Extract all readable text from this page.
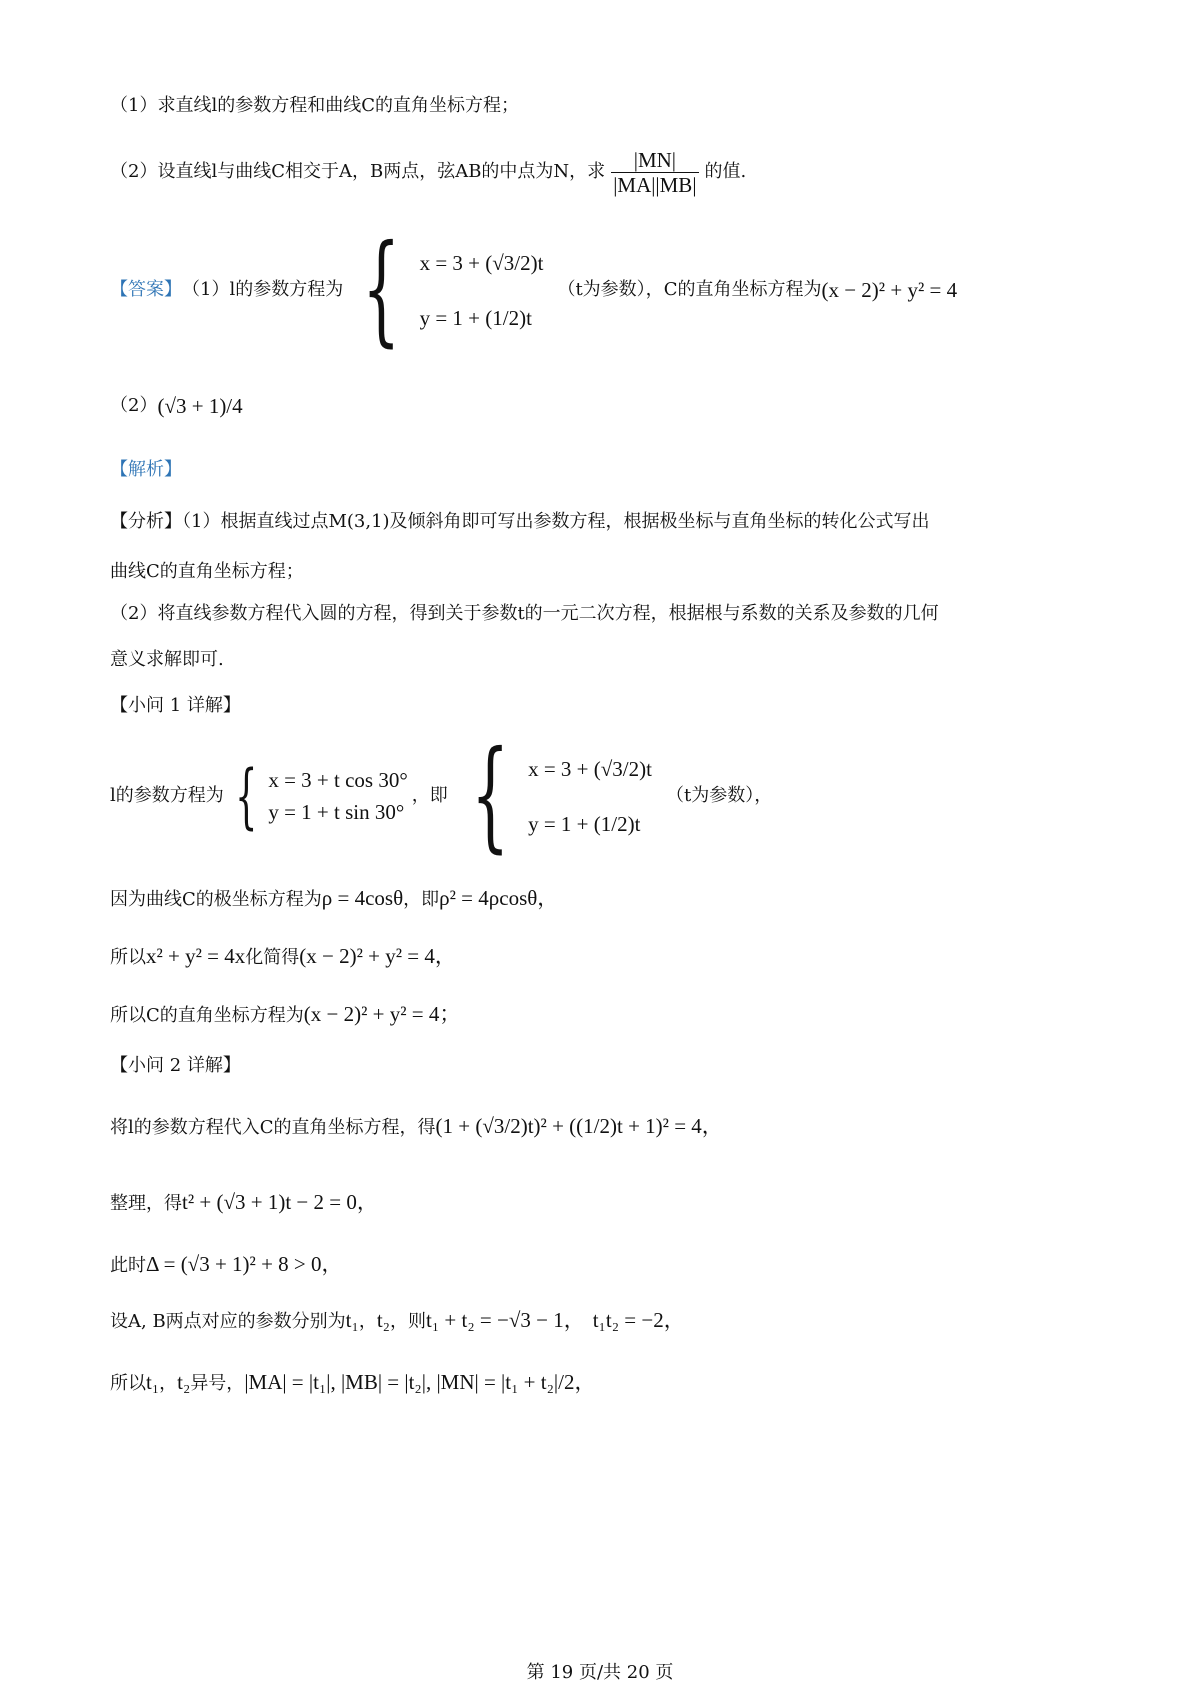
（1）求直线l的参数方程和曲线C的直角坐标方程；
（2）设直线l与曲线C相交于A，B两点，弦AB的中点为N，求 $\frac{|MN|}{|MA||MB|}$ 的值.
【答案】 （1）l的参数方程为 { x = 3 + (√3/2)t
y = 1 + (1/2)t
（t为参数）， C的直角坐标方程为 (x − 2)² + y² = 4
（2） (√3 + 1)/4
【解析】
【分析】（1）根据直线过点M(3,1)及倾斜角即可写出参数方程，根据极坐标与直角坐标的转化公式写出
曲线C的直角坐标方程；
（2）将直线参数方程代入圆的方程，得到关于参数t的一元二次方程，根据根与系数的关系及参数的几何
意义求解即可.
【小问 1 详解】
l的参数方程为 { x = 3 + t cos 30°
y = 1 + t sin 30°
，即 { x = 3 + (√3/2)t
y = 1 + (1/2)t
（t为参数），
因为曲线C的极坐标方程为ρ = 4cosθ，即ρ² = 4ρcosθ，
所以x² + y² = 4x化简得(x − 2)² + y² = 4，
所以C的直角坐标方程为(x − 2)² + y² = 4；
【小问 2 详解】
将l的参数方程代入C的直角坐标方程，得(1 + (√3/2)t)² + ((1/2)t + 1)² = 4，
整理，得t² + (√3 + 1)t − 2 = 0，
此时Δ = (√3 + 1)² + 8 > 0，
设A, B两点对应的参数分别为t₁，t₂，则t₁ + t₂ = −√3 − 1， t₁t₂ = −2，
所以t₁，t₂异号，|MA| = |t₁|, |MB| = |t₂|, |MN| = |t₁ + t₂|/2，
第 19 页/共 20 页
